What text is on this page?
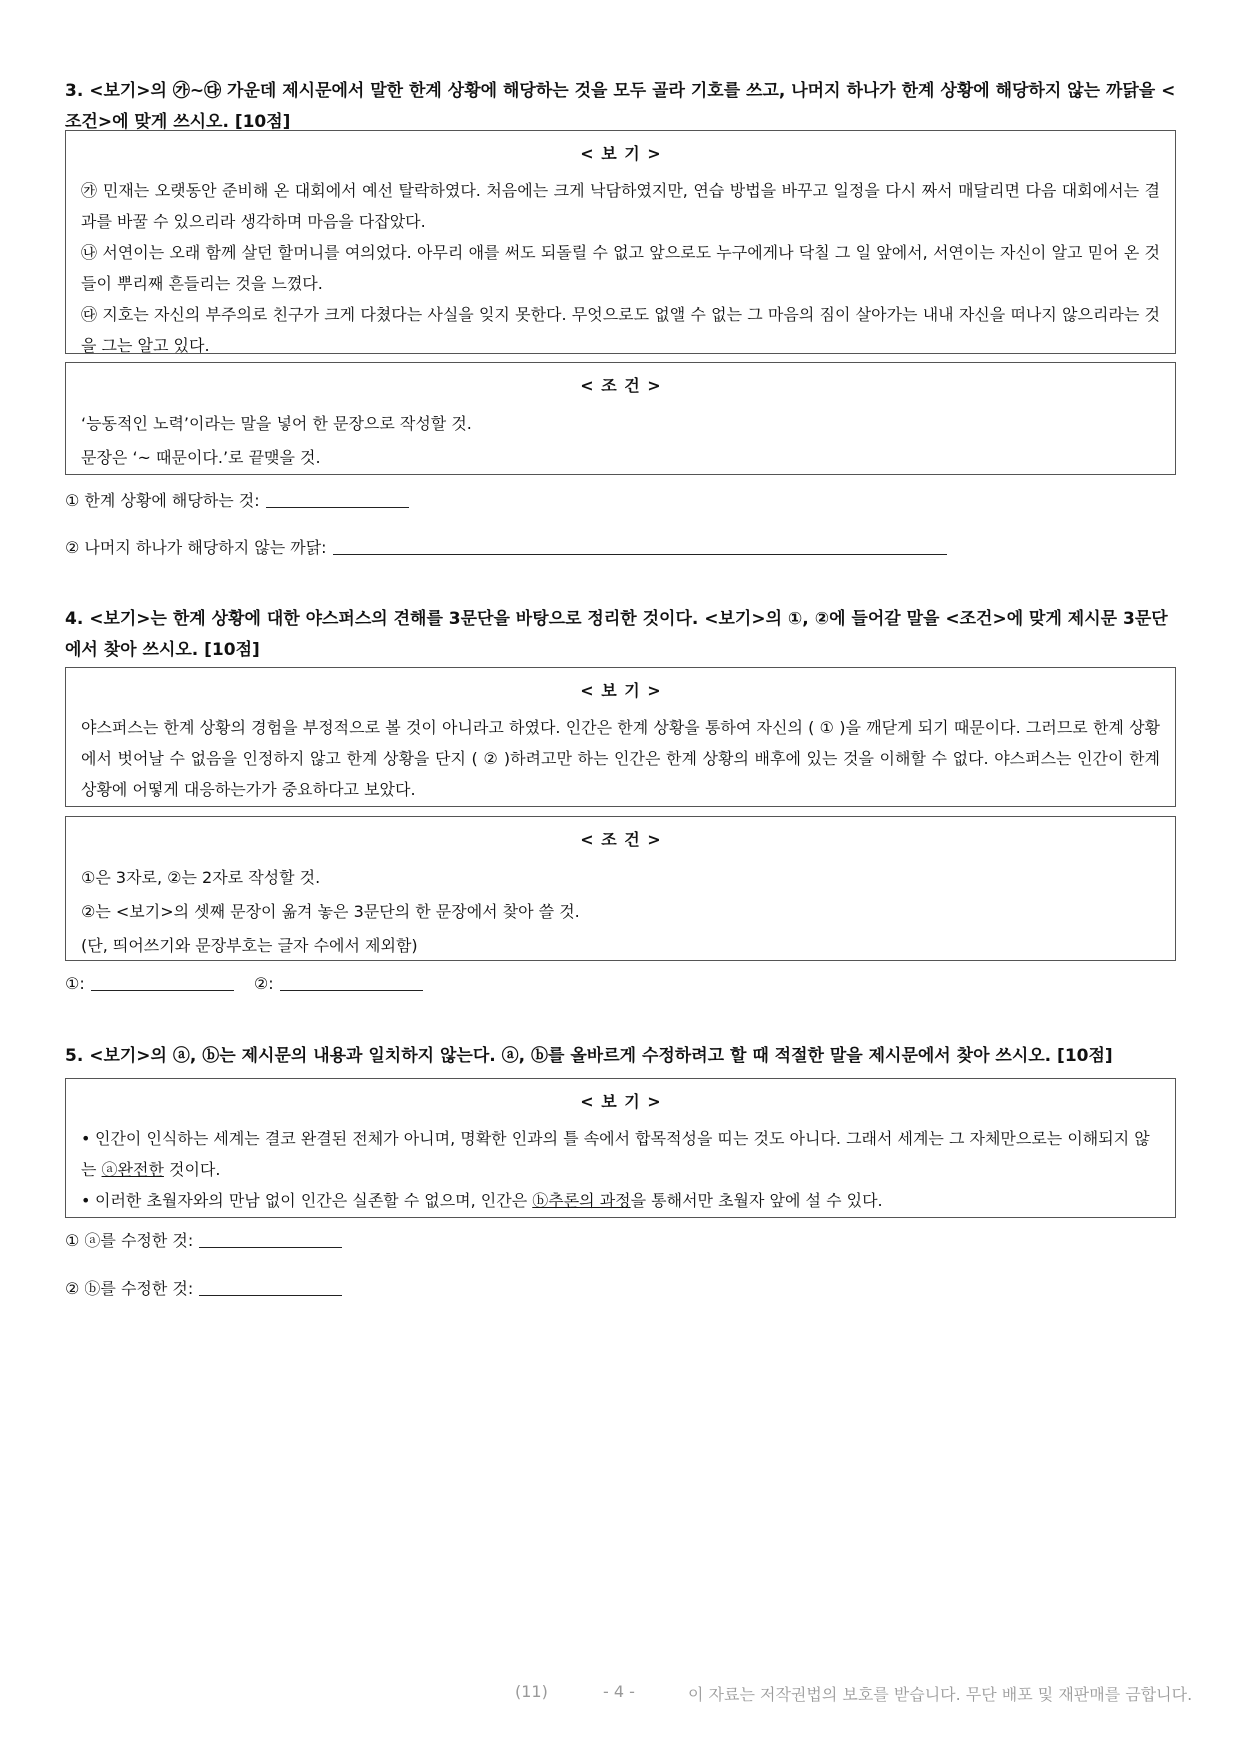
3. <보기>의 ㉮~㉰ 가운데 제시문에서 말한 한계 상황에 해당하는 것을 모두 골라 기호를 쓰고, 나머지 하나가 한계 상황에 해당하지 않는 까닭을 <조건>에 맞게 쓰시오. [10점]
< 보 기 >
㉮ 민재는 오랫동안 준비해 온 대회에서 예선 탈락하였다. 처음에는 크게 낙담하였지만, 연습 방법을 바꾸고 일정을 다시 짜서 매달리면 다음 대회에서는 결과를 바꿀 수 있으리라 생각하며 마음을 다잡았다.
㉯ 서연이는 오래 함께 살던 할머니를 여의었다. 아무리 애를 써도 되돌릴 수 없고 앞으로도 누구에게나 닥칠 그 일 앞에서, 서연이는 자신이 알고 믿어 온 것들이 뿌리째 흔들리는 것을 느꼈다.
㉰ 지호는 자신의 부주의로 친구가 크게 다쳤다는 사실을 잊지 못한다. 무엇으로도 없앨 수 없는 그 마음의 짐이 살아가는 내내 자신을 떠나지 않으리라는 것을 그는 알고 있다.
< 조 건 >
‘능동적인 노력’이라는 말을 넣어 한 문장으로 작성할 것.
문장은 ‘~ 때문이다.’로 끝맺을 것.
① 한계 상황에 해당하는 것:
② 나머지 하나가 해당하지 않는 까닭:
4. <보기>는 한계 상황에 대한 야스퍼스의 견해를 3문단을 바탕으로 정리한 것이다. <보기>의 ①, ②에 들어갈 말을 <조건>에 맞게 제시문 3문단에서 찾아 쓰시오. [10점]
< 보 기 >
야스퍼스는 한계 상황의 경험을 부정적으로 볼 것이 아니라고 하였다. 인간은 한계 상황을 통하여 자신의 ( ① )을 깨닫게 되기 때문이다. 그러므로 한계 상황에서 벗어날 수 없음을 인정하지 않고 한계 상황을 단지 ( ② )하려고만 하는 인간은 한계 상황의 배후에 있는 것을 이해할 수 없다. 야스퍼스는 인간이 한계 상황에 어떻게 대응하는가가 중요하다고 보았다.
< 조 건 >
①은 3자로, ②는 2자로 작성할 것.
②는 <보기>의 셋째 문장이 옮겨 놓은 3문단의 한 문장에서 찾아 쓸 것.
(단, 띄어쓰기와 문장부호는 글자 수에서 제외함)
①:	②:
5. <보기>의 ⓐ, ⓑ는 제시문의 내용과 일치하지 않는다. ⓐ, ⓑ를 올바르게 수정하려고 할 때 적절한 말을 제시문에서 찾아 쓰시오. [10점]
< 보 기 >
• 인간이 인식하는 세계는 결코 완결된 전체가 아니며, 명확한 인과의 틀 속에서 합목적성을 띠는 것도 아니다. 그래서 세계는 그 자체만으로는 이해되지 않는 ⓐ완전한 것이다.
• 이러한 초월자와의 만남 없이 인간은 실존할 수 없으며, 인간은 ⓑ추론의 과정을 통해서만 초월자 앞에 설 수 있다.
① ⓐ를 수정한 것:
② ⓑ를 수정한 것:
(11)	- 4 -	이 자료는 저작권법의 보호를 받습니다. 무단 배포 및 재판매를 금합니다.
